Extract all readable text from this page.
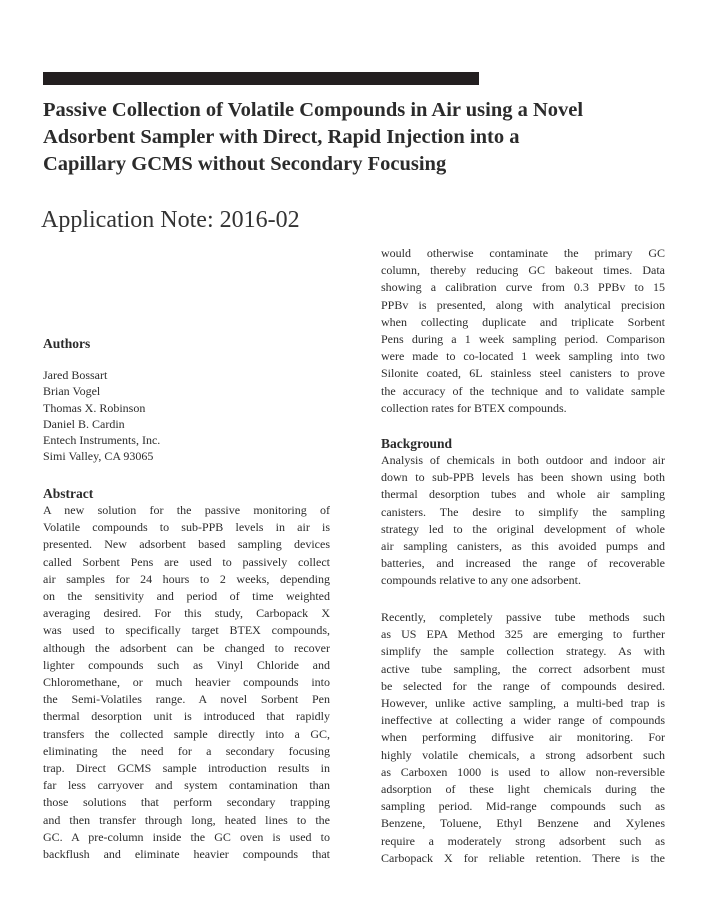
Passive Collection of Volatile Compounds in Air using a Novel
Adsorbent Sampler with Direct, Rapid Injection into a
Capillary GCMS without Secondary Focusing
Application Note: 2016-02
Authors
Jared Bossart
Brian Vogel
Thomas X. Robinson
Daniel B. Cardin
Entech Instruments, Inc.
Simi Valley, CA 93065
Abstract
A new solution for the passive monitoring of
Volatile compounds to sub-PPB levels in air is
presented. New adsorbent based sampling devices
called Sorbent Pens are used to passively collect
air samples for 24 hours to 2 weeks, depending
on the sensitivity and period of time weighted
averaging desired. For this study, Carbopack X
was used to specifically target BTEX compounds,
although the adsorbent can be changed to recover
lighter compounds such as Vinyl Chloride and
Chloromethane, or much heavier compounds into
the Semi-Volatiles range. A novel Sorbent Pen
thermal desorption unit is introduced that rapidly
transfers the collected sample directly into a GC,
eliminating the need for a secondary focusing
trap. Direct GCMS sample introduction results in
far less carryover and system contamination than
those solutions that perform secondary trapping
and then transfer through long, heated lines to the
GC. A pre-column inside the GC oven is used to
backflush and eliminate heavier compounds that
would otherwise contaminate the primary GC
column, thereby reducing GC bakeout times. Data
showing a calibration curve from 0.3 PPBv to 15
PPBv is presented, along with analytical precision
when collecting duplicate and triplicate Sorbent
Pens during a 1 week sampling period. Comparison
were made to co-located 1 week sampling into two
Silonite coated, 6L stainless steel canisters to prove
the accuracy of the technique and to validate sample
collection rates for BTEX compounds.
Background
Analysis of chemicals in both outdoor and indoor air
down to sub-PPB levels has been shown using both
thermal desorption tubes and whole air sampling
canisters. The desire to simplify the sampling
strategy led to the original development of whole
air sampling canisters, as this avoided pumps and
batteries, and increased the range of recoverable
compounds relative to any one adsorbent.
Recently, completely passive tube methods such
as US EPA Method 325 are emerging to further
simplify the sample collection strategy. As with
active tube sampling, the correct adsorbent must
be selected for the range of compounds desired.
However, unlike active sampling, a multi-bed trap is
ineffective at collecting a wider range of compounds
when performing diffusive air monitoring. For
highly volatile chemicals, a strong adsorbent such
as Carboxen 1000 is used to allow non-reversible
adsorption of these light chemicals during the
sampling period. Mid-range compounds such as
Benzene, Toluene, Ethyl Benzene and Xylenes
require a moderately strong adsorbent such as
Carbopack X for reliable retention. There is the
